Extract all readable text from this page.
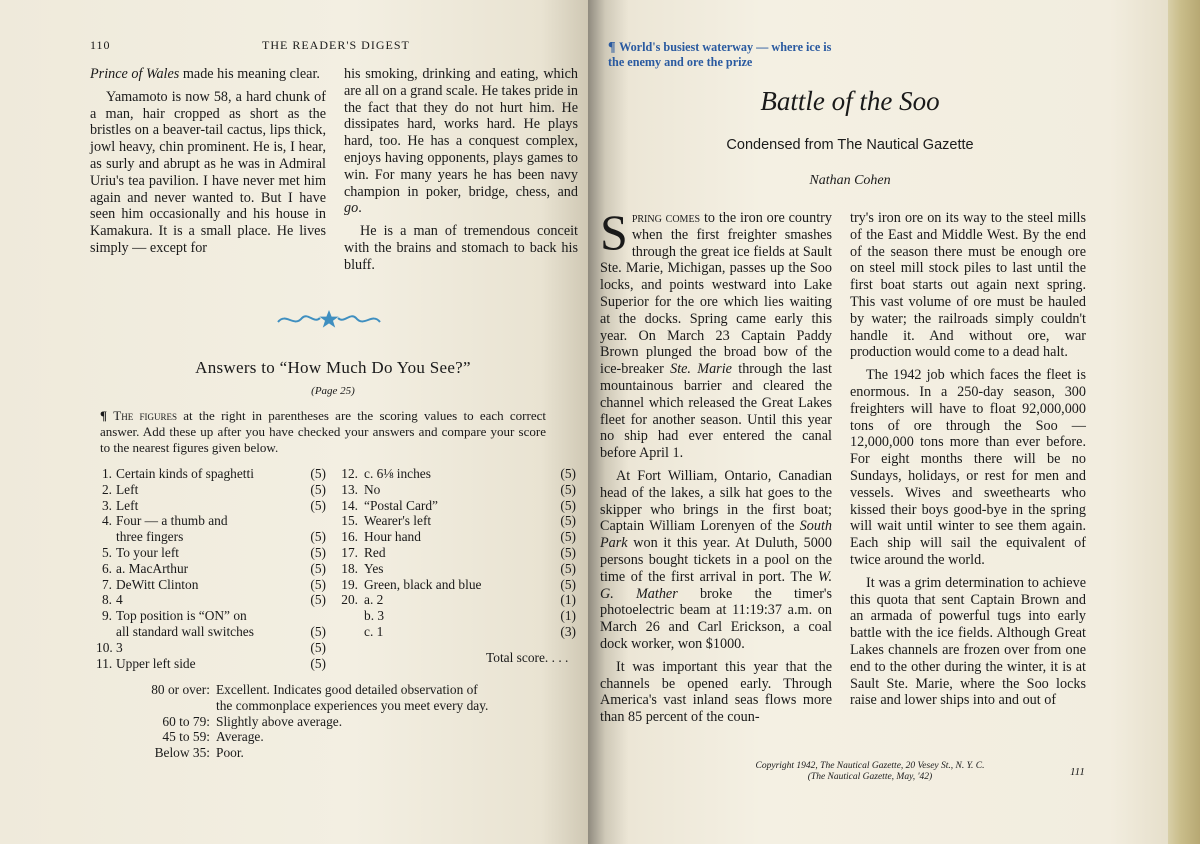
110	THE READER'S DIGEST

Prince of Wales made his meaning clear.

Yamamoto is now 58, a hard chunk of a man, hair cropped as short as the bristles on a beaver-tail cactus, lips thick, jowl heavy, chin prominent. He is, I hear, as surly and abrupt as he was in Admiral Uriu's tea pavilion. I have never met him again and never wanted to. But I have seen him occasionally and his house in Kamakura. It is a small place. He lives simply — except for

his smoking, drinking and eating, which are all on a grand scale. He takes pride in the fact that they do not hurt him. He dissipates hard, works hard. He plays hard, too. He has a conquest complex, enjoys having opponents, plays games to win. For many years he has been navy champion in poker, bridge, chess, and go.

He is a man of tremendous conceit with the brains and stomach to back his bluff.

Answers to “How Much Do You See?”
(Page 25)
¶ The figures at the right in parentheses are the scoring values to each correct answer. Add these up after you have checked your answers and compare your score to the nearest figures given below.
1. Certain kinds of spaghetti	(5)
2. Left	(5)
3. Left	(5)
4. Four — a thumb and
three fingers	(5)
5. To your left	(5)
6. a. MacArthur	(5)
7. DeWitt Clinton	(5)
8. 4	(5)
9. Top position is “ON” on
all standard wall switches	(5)
10. 3	(5)
11. Upper left side	(5)
12. c. 6⅛ inches	(5)
13. No	(5)
14. “Postal Card”	(5)
15. Wearer's left	(5)
16. Hour hand	(5)
17. Red	(5)
18. Yes	(5)
19. Green, black and blue	(5)
20. a. 2	(1)
b. 3	(1)
c. 1	(3)
Total score. . . .
80 or over: Excellent. Indicates good detailed observation of
the commonplace experiences you meet every day.
60 to 79: Slightly above average.
45 to 59: Average.
Below 35: Poor.
¶ World's busiest waterway — where ice is the enemy and ore the prize
Battle of the Soo
Condensed from The Nautical Gazette
Nathan Cohen

Spring comes to the iron ore country when the first freighter smashes through the great ice fields at Sault Ste. Marie, Michigan, passes up the Soo locks, and points westward into Lake Superior for the ore which lies waiting at the docks. Spring came early this year. On March 23 Captain Paddy Brown plunged the broad bow of the ice-breaker Ste. Marie through the last mountainous barrier and cleared the channel which released the Great Lakes fleet for another season. Until this year no ship had ever entered the canal before April 1.

At Fort William, Ontario, Canadian head of the lakes, a silk hat goes to the skipper who brings in the first boat; Captain William Lorenyen of the South Park won it this year. At Duluth, 5000 persons bought tickets in a pool on the time of the first arrival in port. The W. G. Mather broke the timer's photoelectric beam at 11:19:37 a.m. on March 26 and Carl Erickson, a coal dock worker, won $1000.

It was important this year that the channels be opened early. Through America's vast inland seas flows more than 85 percent of the coun-

try's iron ore on its way to the steel mills of the East and Middle West. By the end of the season there must be enough ore on steel mill stock piles to last until the first boat starts out again next spring. This vast volume of ore must be hauled by water; the railroads simply couldn't handle it. And without ore, war production would come to a dead halt.

The 1942 job which faces the fleet is enormous. In a 250-day season, 300 freighters will have to float 92,000,000 tons of ore through the Soo — 12,000,000 tons more than ever before. For eight months there will be no Sundays, holidays, or rest for men and vessels. Wives and sweethearts who kissed their boys good-bye in the spring will wait until winter to see them again. Each ship will sail the equivalent of twice around the world.

It was a grim determination to achieve this quota that sent Captain Brown and an armada of powerful tugs into early battle with the ice fields. Although Great Lakes channels are frozen over from one end to the other during the winter, it is at Sault Ste. Marie, where the Soo locks raise and lower ships into and out of

Copyright 1942, The Nautical Gazette, 20 Vesey St., N. Y. C.
(The Nautical Gazette, May, '42)	111
